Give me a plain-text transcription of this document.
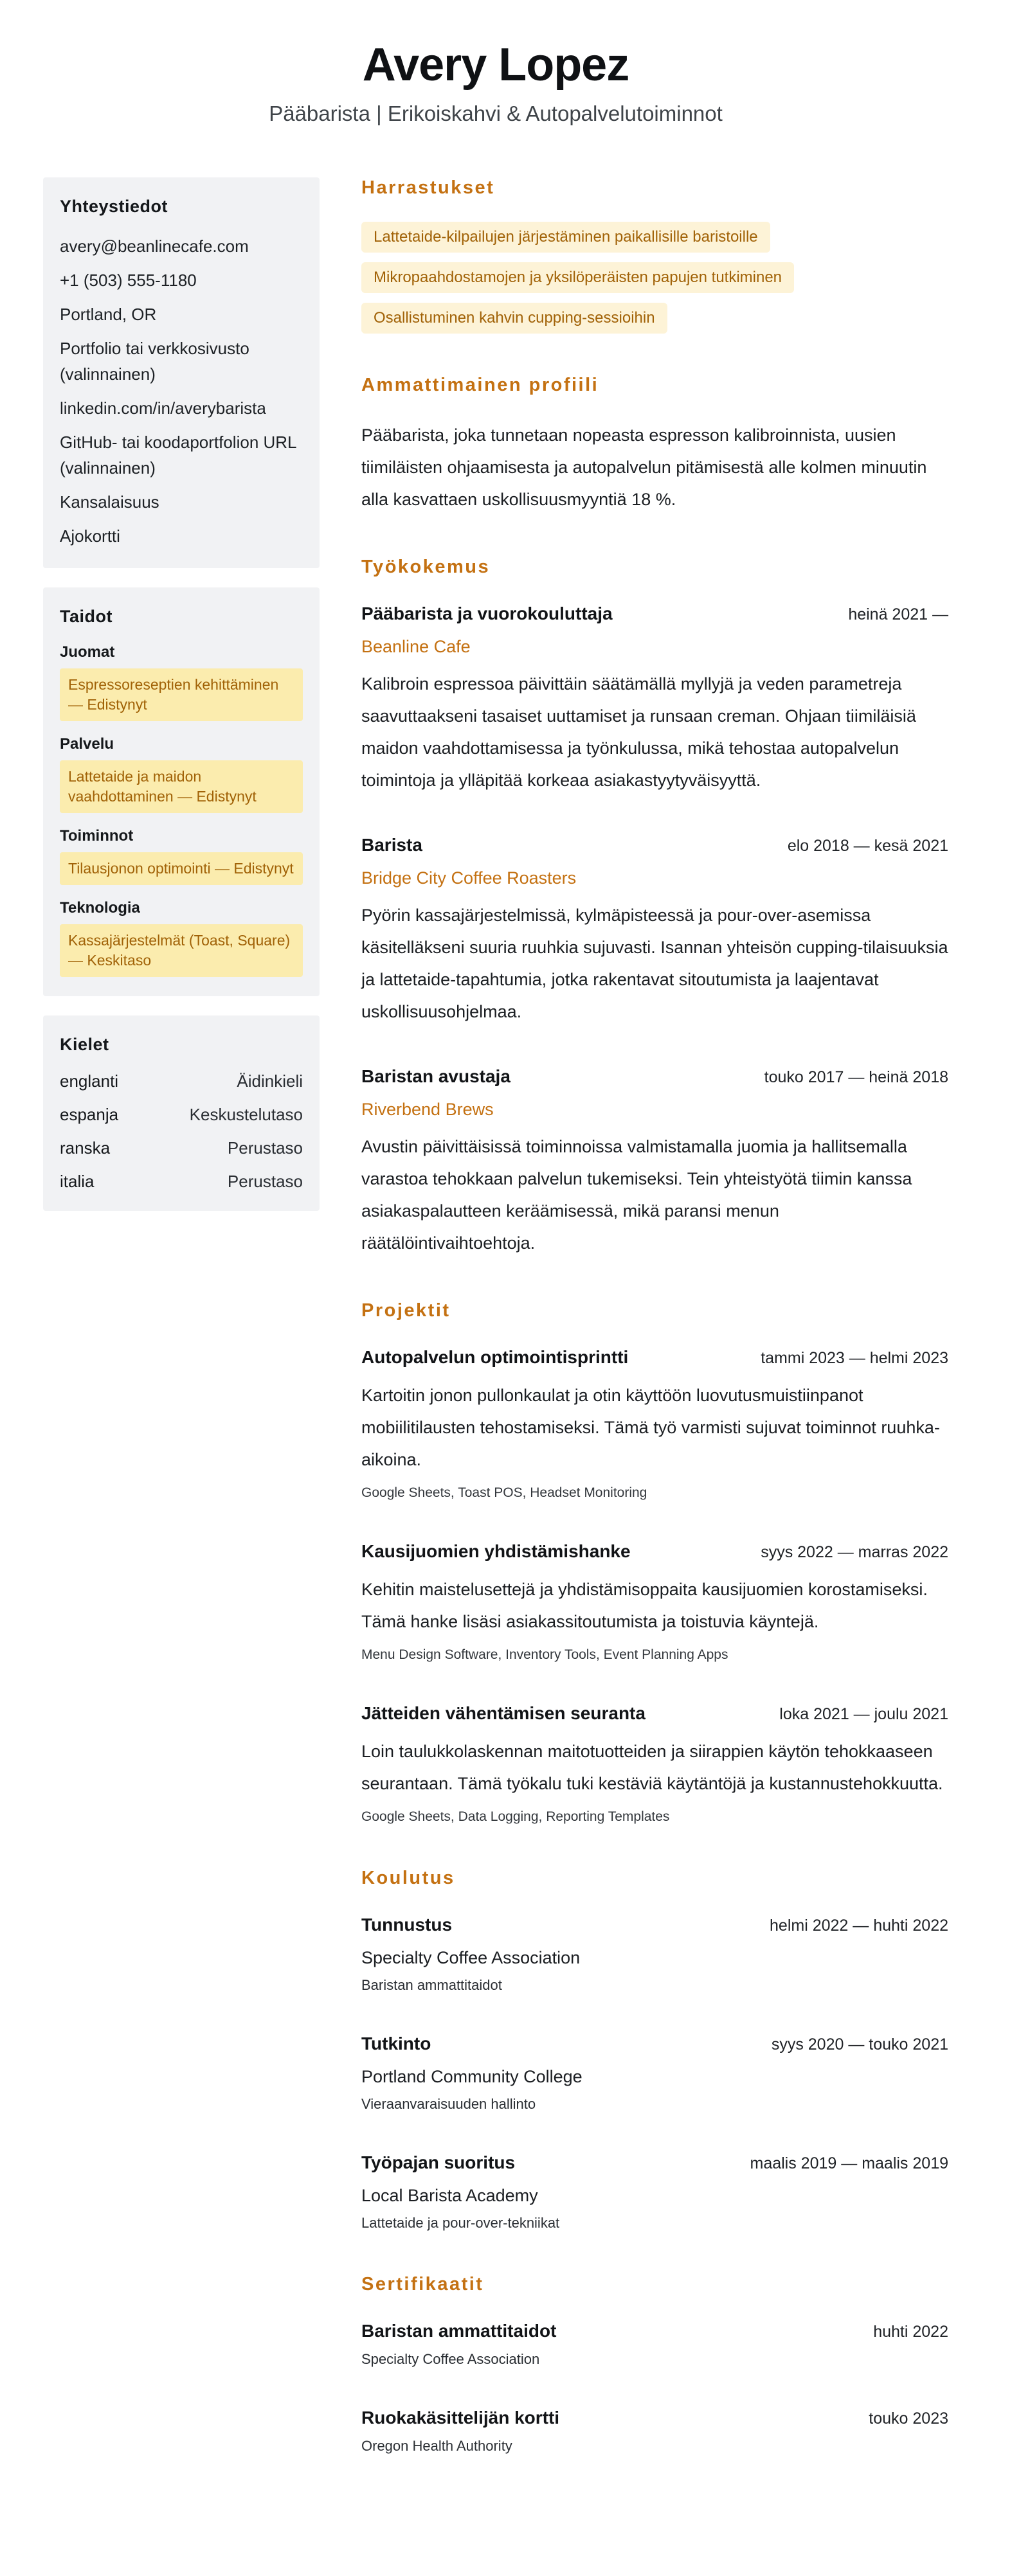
Avery Lopez
Pääbarista | Erikoiskahvi & Autopalvelutoiminnot
Yhteystiedot
avery@beanlinecafe.com
+1 (503) 555-1180
Portland, OR
Portfolio tai verkkosivusto (valinnainen)
linkedin.com/in/averybarista
GitHub- tai koodaportfolion URL (valinnainen)
Kansalaisuus
Ajokortti
Taidot
Juomat
Espressoreseptien kehittäminen — Edistynyt
Palvelu
Lattetaide ja maidon vaahdottaminen — Edistynyt
Toiminnot
Tilausjonon optimointi — Edistynyt
Teknologia
Kassajärjestelmät (Toast, Square) — Keskitaso
Kielet
englanti	Äidinkieli
espanja	Keskustelutaso
ranska	Perustaso
italia	Perustaso
Harrastukset
Lattetaide-kilpailujen järjestäminen paikallisille baristoille
Mikropaahdostamojen ja yksilöperäisten papujen tutkiminen
Osallistuminen kahvin cupping-sessioihin
Ammattimainen profiili

Pääbarista, joka tunnetaan nopeasta espresson kalibroinnista, uusien tiimiläisten ohjaamisesta ja autopalvelun pitämisestä alle kolmen minuutin alla kasvattaen uskollisuusmyyntiä 18 %.

Työkokemus
Pääbarista ja vuorokouluttaja	heinä 2021 —
Beanline Cafe

Kalibroin espressoa päivittäin säätämällä myllyjä ja veden parametreja saavuttaakseni tasaiset uuttamiset ja runsaan creman. Ohjaan tiimiläisiä maidon vaahdottamisessa ja työnkulussa, mikä tehostaa autopalvelun toimintoja ja ylläpitää korkeaa asiakastyytyväisyyttä.

Barista	elo 2018 — kesä 2021
Bridge City Coffee Roasters

Pyörin kassajärjestelmissä, kylmäpisteessä ja pour-over-asemissa käsitelläkseni suuria ruuhkia sujuvasti. Isannan yhteisön cupping-tilaisuuksia ja lattetaide-tapahtumia, jotka rakentavat sitoutumista ja laajentavat uskollisuusohjelmaa.

Baristan avustaja	touko 2017 — heinä 2018
Riverbend Brews

Avustin päivittäisissä toiminnoissa valmistamalla juomia ja hallitsemalla varastoa tehokkaan palvelun tukemiseksi. Tein yhteistyötä tiimin kanssa asiakaspalautteen keräämisessä, mikä paransi menun räätälöintivaihtoehtoja.

Projektit
Autopalvelun optimointisprintti	tammi 2023 — helmi 2023

Kartoitin jonon pullonkaulat ja otin käyttöön luovutusmuistiinpanot mobiilitilausten tehostamiseksi. Tämä työ varmisti sujuvat toiminnot ruuhka-aikoina.

Google Sheets, Toast POS, Headset Monitoring
Kausijuomien yhdistämishanke	syys 2022 — marras 2022

Kehitin maistelusettejä ja yhdistämisoppaita kausijuomien korostamiseksi. Tämä hanke lisäsi asiakassitoutumista ja toistuvia käyntejä.

Menu Design Software, Inventory Tools, Event Planning Apps
Jätteiden vähentämisen seuranta	loka 2021 — joulu 2021

Loin taulukkolaskennan maitotuotteiden ja siirappien käytön tehokkaaseen seurantaan. Tämä työkalu tuki kestäviä käytäntöjä ja kustannustehokkuutta.

Google Sheets, Data Logging, Reporting Templates
Koulutus
Tunnustus	helmi 2022 — huhti 2022
Specialty Coffee Association
Baristan ammattitaidot
Tutkinto	syys 2020 — touko 2021
Portland Community College
Vieraanvaraisuuden hallinto
Työpajan suoritus	maalis 2019 — maalis 2019
Local Barista Academy
Lattetaide ja pour-over-tekniikat
Sertifikaatit
Baristan ammattitaidot	huhti 2022
Specialty Coffee Association
Ruokakäsittelijän kortti	touko 2023
Oregon Health Authority
